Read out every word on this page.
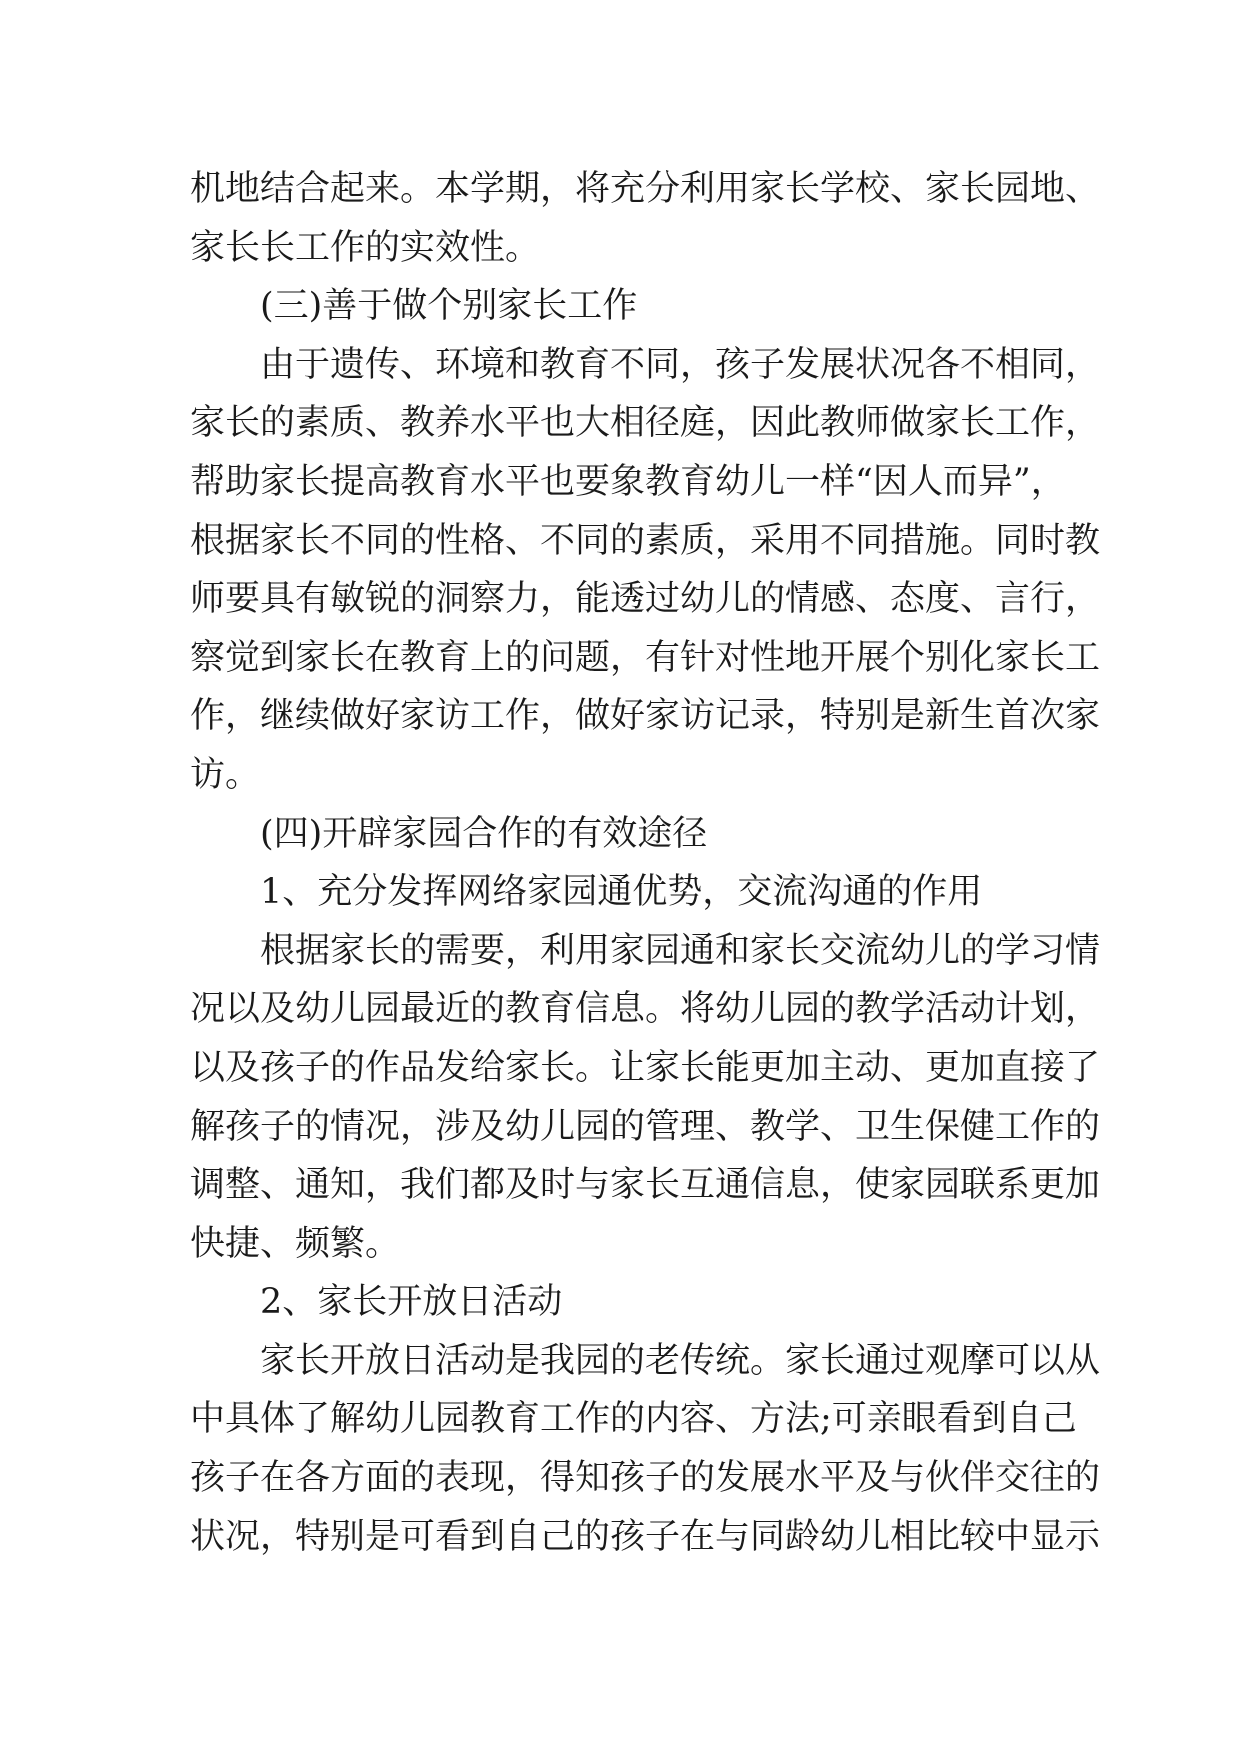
机地结合起来。本学期，将充分利用家长学校、家长园地、
家长长工作的实效性。
(三)善于做个别家长工作
由于遗传、环境和教育不同，孩子发展状况各不相同，
家长的素质、教养水平也大相径庭，因此教师做家长工作，
帮助家长提高教育水平也要象教育幼儿一样“因人而异”，
根据家长不同的性格、不同的素质，采用不同措施。同时教
师要具有敏锐的洞察力，能透过幼儿的情感、态度、言行，
察觉到家长在教育上的问题，有针对性地开展个别化家长工
作，继续做好家访工作，做好家访记录，特别是新生首次家
访。
(四)开辟家园合作的有效途径
1、充分发挥网络家园通优势，交流沟通的作用
根据家长的需要，利用家园通和家长交流幼儿的学习情
况以及幼儿园最近的教育信息。将幼儿园的教学活动计划，
以及孩子的作品发给家长。让家长能更加主动、更加直接了
解孩子的情况，涉及幼儿园的管理、教学、卫生保健工作的
调整、通知，我们都及时与家长互通信息，使家园联系更加
快捷、频繁。
2、家长开放日活动
家长开放日活动是我园的老传统。家长通过观摩可以从
中具体了解幼儿园教育工作的内容、方法;可亲眼看到自己
孩子在各方面的表现，得知孩子的发展水平及与伙伴交往的
状况，特别是可看到自己的孩子在与同龄幼儿相比较中显示
